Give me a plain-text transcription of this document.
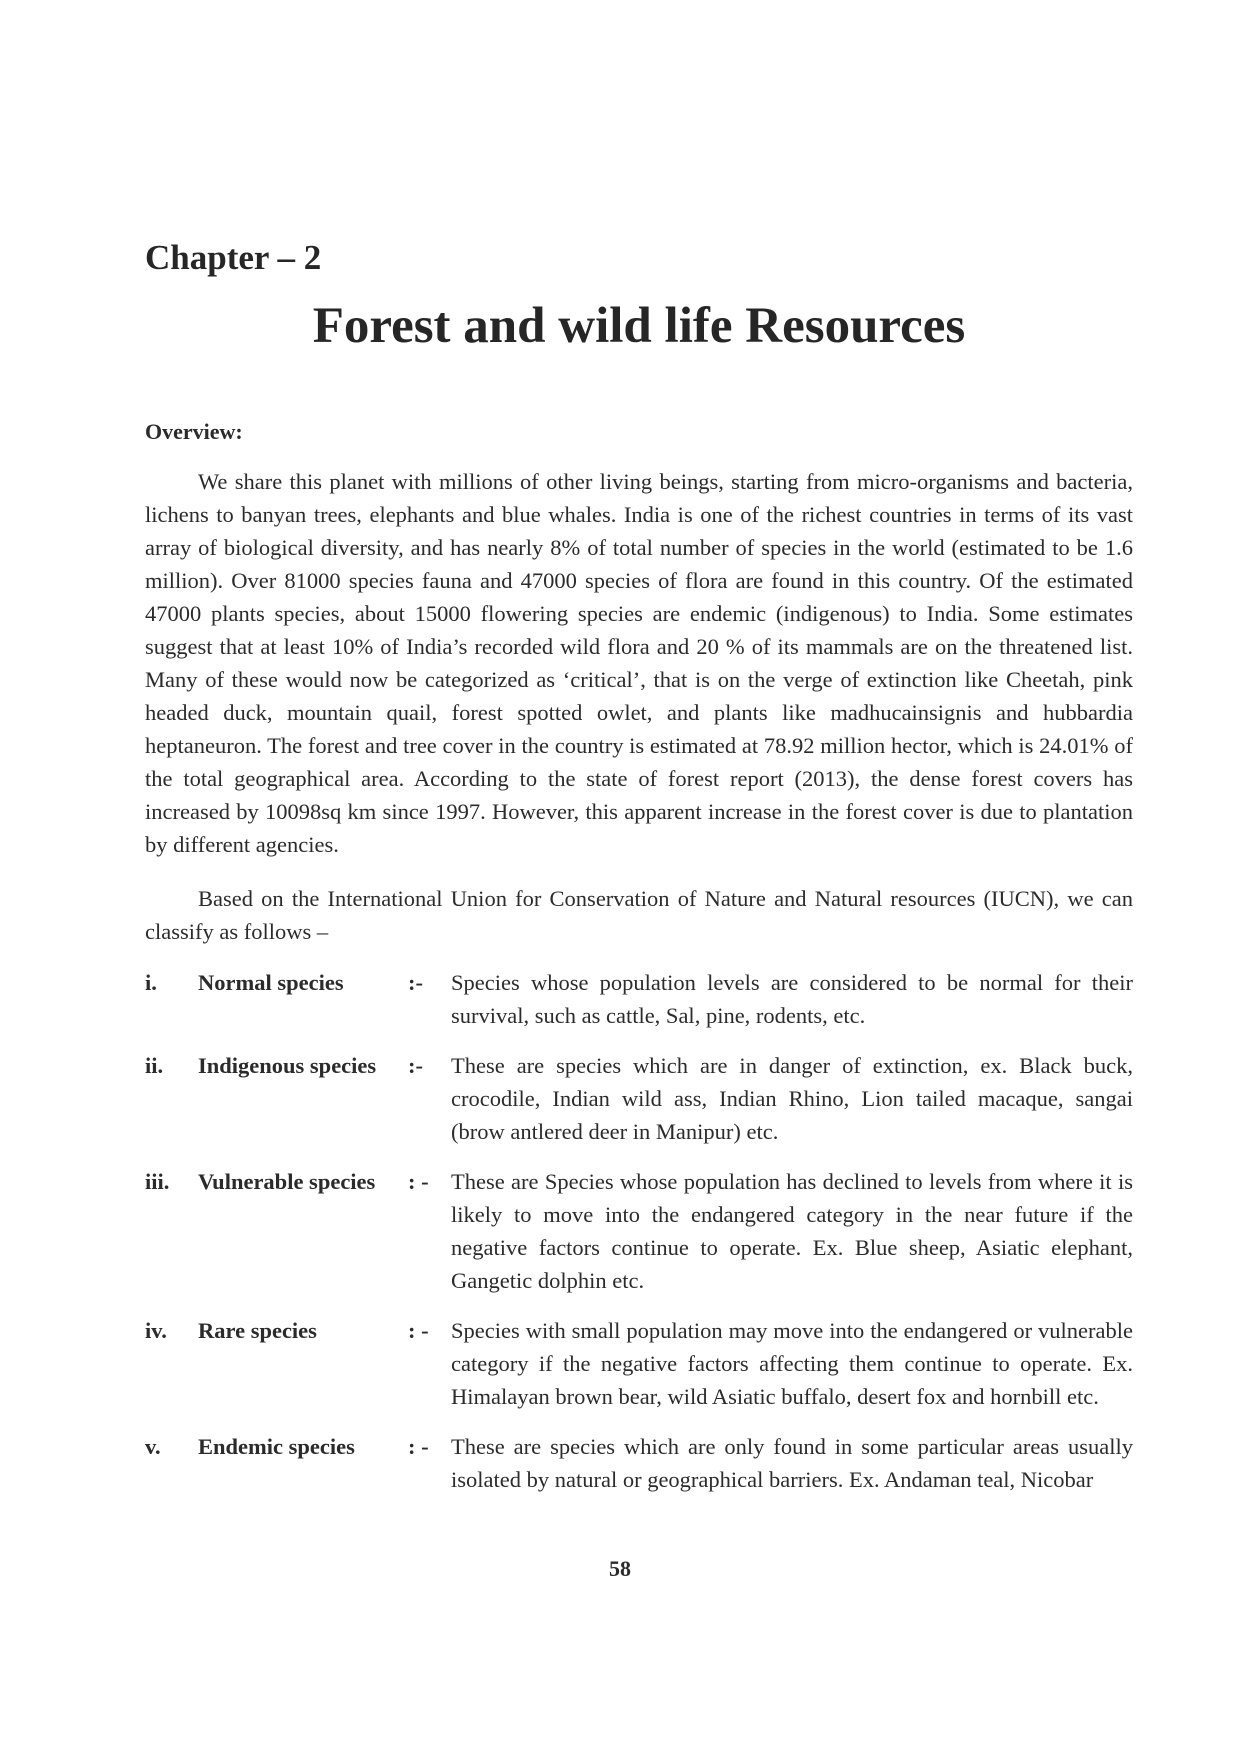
Chapter – 2
Forest and wild life Resources
Overview:

We share this planet with millions of other living beings, starting from micro-organisms and bacteria, lichens to banyan trees, elephants and blue whales. India is one of the richest countries in terms of its vast array of biological diversity, and has nearly 8% of total number of species in the world (estimated to be 1.6 million). Over 81000 species fauna and 47000 species of flora are found in this country. Of the estimated 47000 plants species, about 15000 flowering species are endemic (indigenous) to India. Some estimates suggest that at least 10% of India’s recorded wild flora and 20 % of its mammals are on the threatened list. Many of these would now be categorized as ‘critical’, that is on the verge of extinction like Cheetah, pink headed duck, mountain quail, forest spotted owlet, and plants like madhucainsignis and hubbardia heptaneuron. The forest and tree cover in the country is estimated at 78.92 million hector, which is 24.01% of the total geographical area. According to the state of forest report (2013), the dense forest covers has increased by 10098sq km since 1997. However, this apparent increase in the forest cover is due to plantation by different agencies.

Based on the International Union for Conservation of Nature and Natural resources (IUCN), we can classify as follows –

i. Normal species	:- Species whose population levels are considered to be normal for their survival, such as cattle, Sal, pine, rodents, etc.
ii. Indigenous species :- These are species which are in danger of extinction, ex. Black buck, crocodile, Indian wild ass, Indian Rhino, Lion tailed macaque, sangai (brow antlered deer in Manipur) etc.
iii. Vulnerable species : - These are Species whose population has declined to levels from where it is likely to move into the endangered category in the near future if the negative factors continue to operate. Ex. Blue sheep, Asiatic elephant, Gangetic dolphin etc.
iv. Rare species	: - Species with small population may move into the endangered or vulnerable category if the negative factors affecting them continue to operate. Ex. Himalayan brown bear, wild Asiatic buffalo, desert fox and hornbill etc.
v. Endemic species : - These are species which are only found in some particular areas usually isolated by natural or geographical barriers. Ex. Andaman teal, Nicobar

58
